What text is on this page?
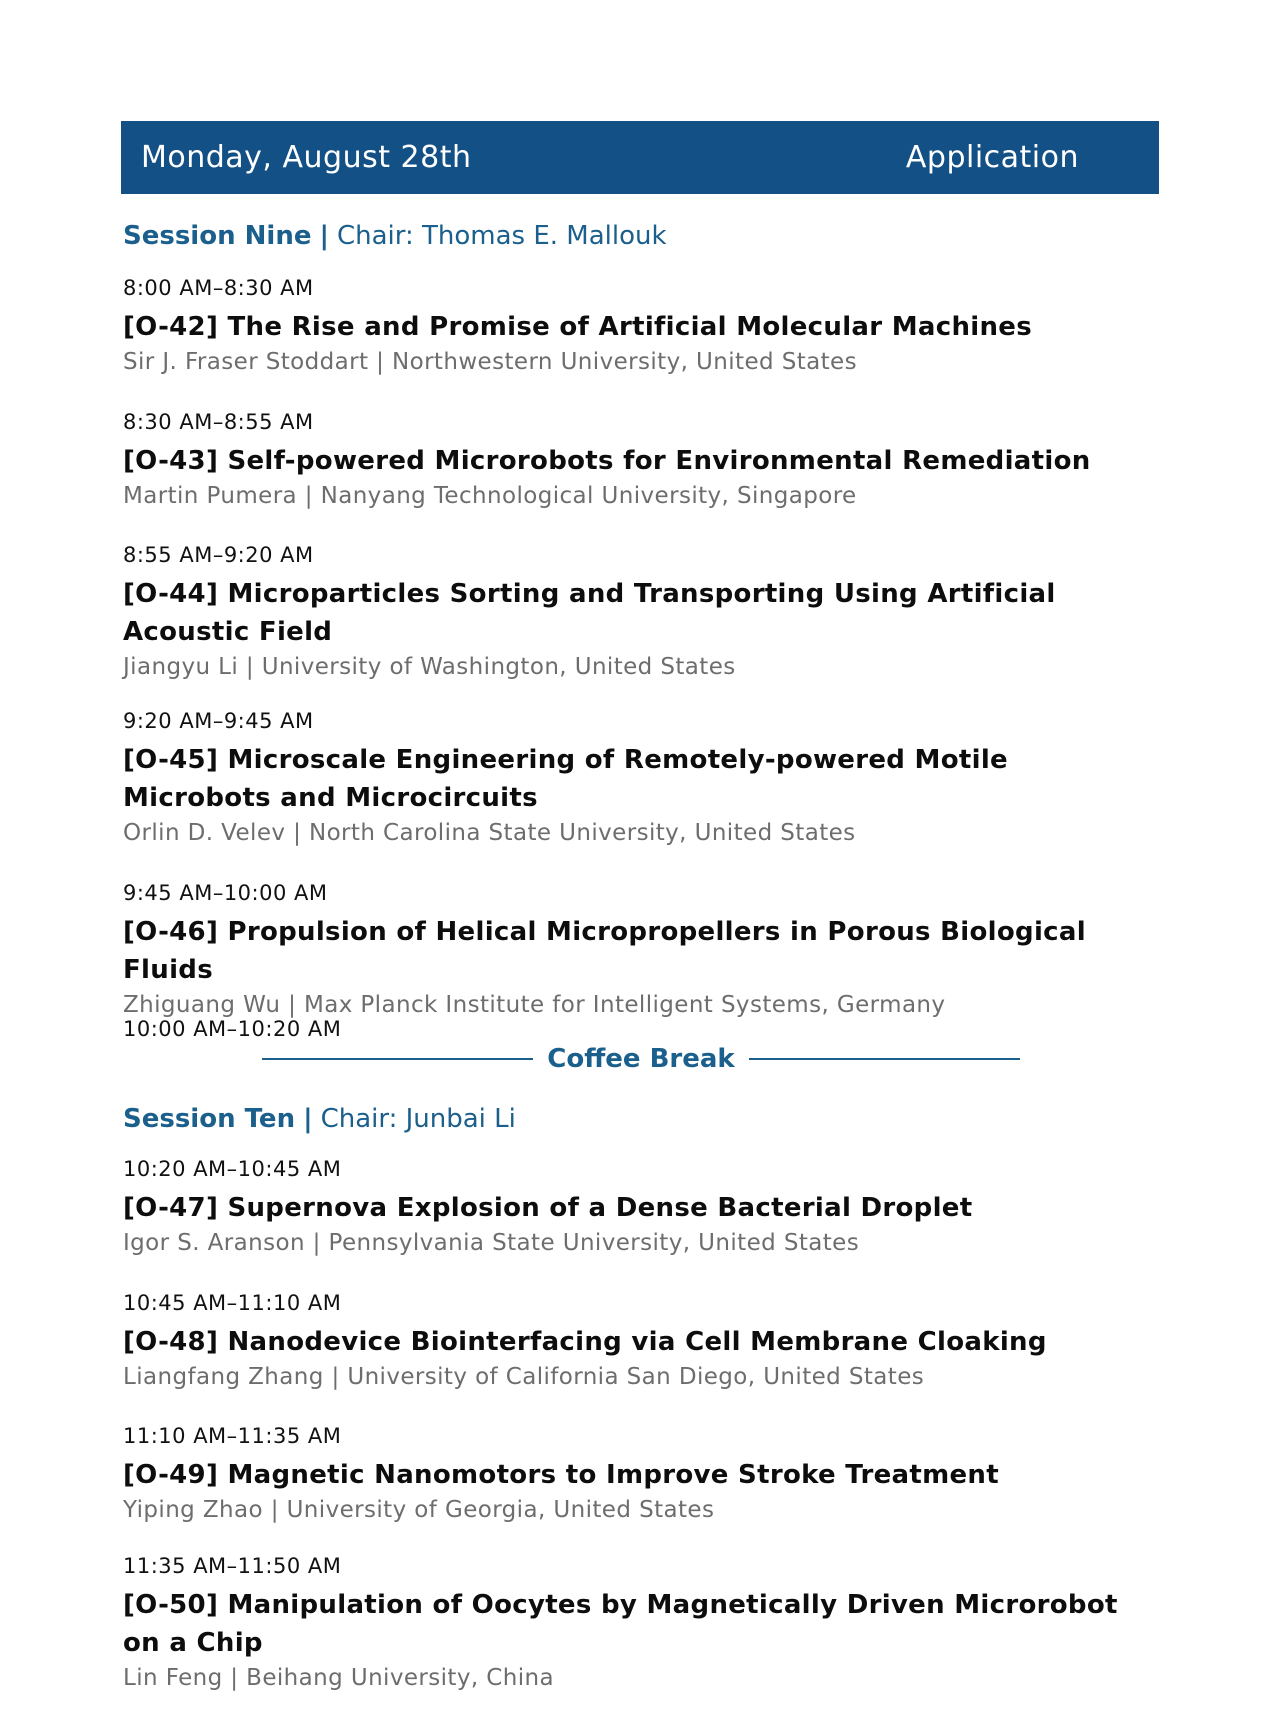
Monday, August 28th	Application
Session Nine | Chair: Thomas E. Mallouk
8:00 AM–8:30 AM
[O-42] The Rise and Promise of Artificial Molecular Machines
Sir J. Fraser Stoddart | Northwestern University, United States
8:30 AM–8:55 AM
[O-43] Self-powered Microrobots for Environmental Remediation
Martin Pumera | Nanyang Technological University, Singapore
8:55 AM–9:20 AM
[O-44] Microparticles Sorting and Transporting Using Artificial Acoustic Field
Jiangyu Li | University of Washington, United States
9:20 AM–9:45 AM
[O-45] Microscale Engineering of Remotely-powered Motile Microbots and Microcircuits
Orlin D. Velev | North Carolina State University, United States
9:45 AM–10:00 AM
[O-46] Propulsion of Helical Micropropellers in Porous Biological Fluids
Zhiguang Wu | Max Planck Institute for Intelligent Systems, Germany
10:00 AM–10:20 AM
Coffee Break
Session Ten | Chair: Junbai Li
10:20 AM–10:45 AM
[O-47] Supernova Explosion of a Dense Bacterial Droplet
Igor S. Aranson | Pennsylvania State University, United States
10:45 AM–11:10 AM
[O-48] Nanodevice Biointerfacing via Cell Membrane Cloaking
Liangfang Zhang | University of California San Diego, United States
11:10 AM–11:35 AM
[O-49] Magnetic Nanomotors to Improve Stroke Treatment
Yiping Zhao | University of Georgia, United States
11:35 AM–11:50 AM
[O-50] Manipulation of Oocytes by Magnetically Driven Microrobot on a Chip
Lin Feng | Beihang University, China
